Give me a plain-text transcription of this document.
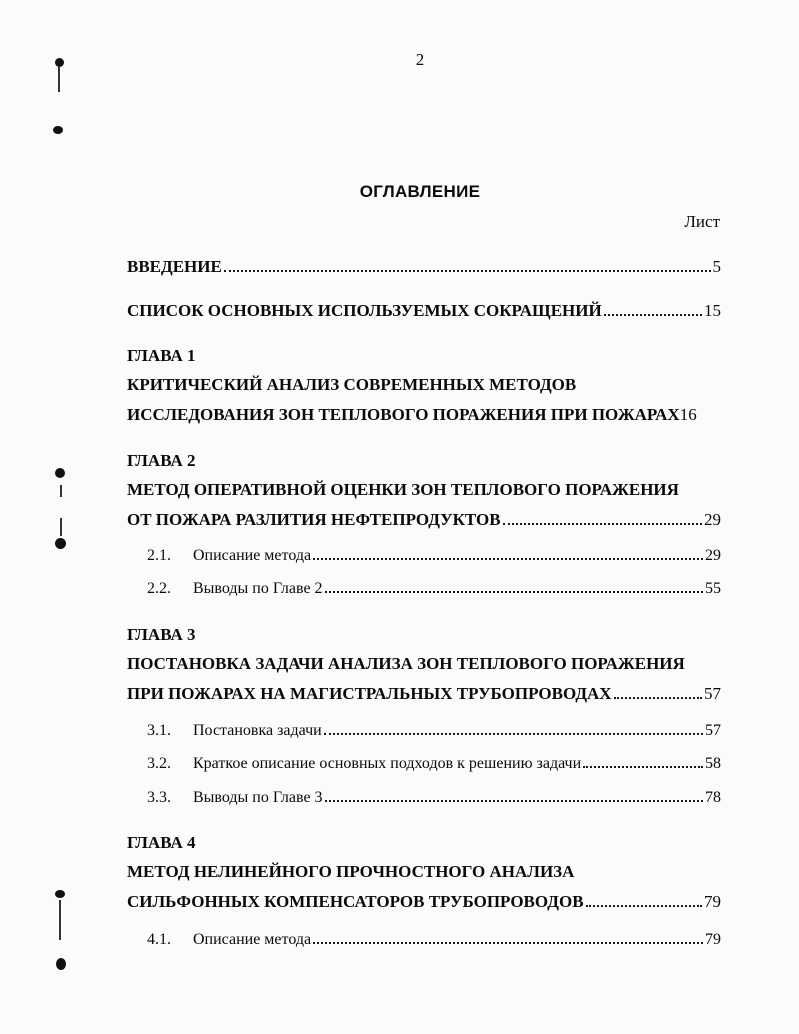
2
ОГЛАВЛЕНИЕ
Лист
ВВЕДЕНИЕ	5
СПИСОК ОСНОВНЫХ ИСПОЛЬЗУЕМЫХ СОКРАЩЕНИЙ	15
ГЛАВА 1
КРИТИЧЕСКИЙ АНАЛИЗ СОВРЕМЕННЫХ МЕТОДОВ
ИССЛЕДОВАНИЯ ЗОН ТЕПЛОВОГО ПОРАЖЕНИЯ ПРИ ПОЖАРАХ 16
ГЛАВА 2
МЕТОД ОПЕРАТИВНОЙ ОЦЕНКИ ЗОН ТЕПЛОВОГО ПОРАЖЕНИЯ
ОТ ПОЖАРА РАЗЛИТИЯ НЕФТЕПРОДУКТОВ	29
2.1.	Описание метода	29
2.2.	Выводы по Главе 2	55
ГЛАВА 3
ПОСТАНОВКА ЗАДАЧИ АНАЛИЗА ЗОН ТЕПЛОВОГО ПОРАЖЕНИЯ
ПРИ ПОЖАРАХ НА МАГИСТРАЛЬНЫХ ТРУБОПРОВОДАХ	57
3.1.	Постановка задачи	57
3.2.	Краткое описание основных подходов к решению задачи	58
3.3.	Выводы по Главе 3	78
ГЛАВА 4
МЕТОД НЕЛИНЕЙНОГО ПРОЧНОСТНОГО АНАЛИЗА
СИЛЬФОННЫХ КОМПЕНСАТОРОВ ТРУБОПРОВОДОВ	79
4.1.	Описание метода	79
